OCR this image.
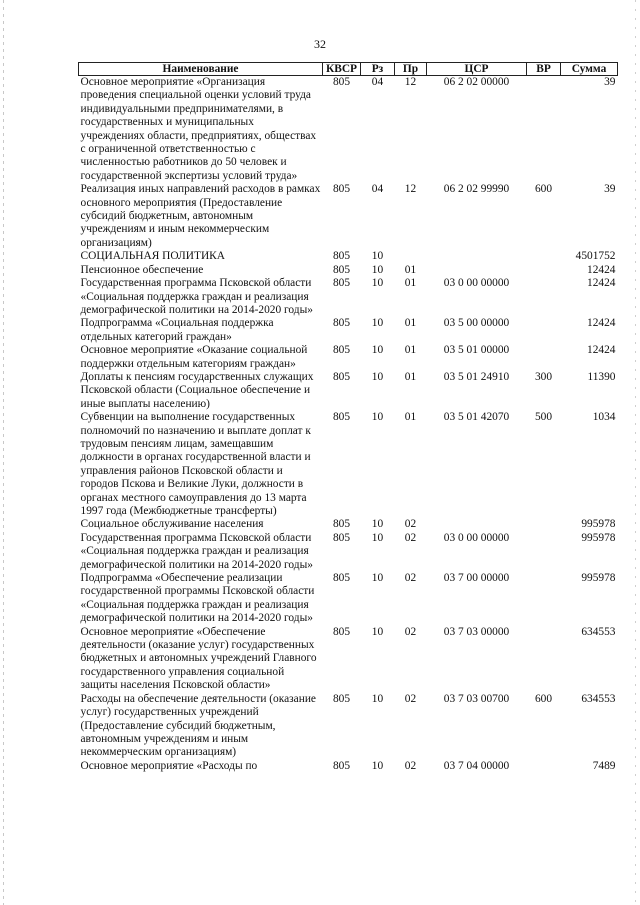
32
Наименование	КВСР	Рз	Пр	ЦСР	ВР	Сумма
Основное мероприятие «Организация проведения специальной оценки условий труда индивидуальными предпринимателями, в государственных и муниципальных учреждениях области, предприятиях, обществах с ограниченной ответственностью с численностью работников до 50 человек и государственной экспертизы условий труда»	805	04	12	06 2 02 00000		39
Реализация иных направлений расходов в рамках основного мероприятия (Предоставление субсидий бюджетным, автономным учреждениям и иным некоммерческим организациям)	805	04	12	06 2 02 99990	600	39
СОЦИАЛЬНАЯ ПОЛИТИКА	805	10				4501752
Пенсионное обеспечение	805	10	01			12424
Государственная программа Псковской области «Социальная поддержка граждан и реализация демографической политики на 2014-2020 годы»	805	10	01	03 0 00 00000		12424
Подпрограмма «Социальная поддержка отдельных категорий граждан»	805	10	01	03 5 00 00000		12424
Основное мероприятие «Оказание социальной поддержки отдельным категориям граждан»	805	10	01	03 5 01 00000		12424
Доплаты к пенсиям государственных служащих Псковской области (Социальное обеспечение и иные выплаты населению)	805	10	01	03 5 01 24910	300	11390
Субвенции на выполнение государственных полномочий по назначению и выплате доплат к трудовым пенсиям лицам, замещавшим должности в органах государственной власти и управления районов Псковской области и городов Пскова и Великие Луки, должности в органах местного самоуправления до 13 марта 1997 года (Межбюджетные трансферты)	805	10	01	03 5 01 42070	500	1034
Социальное обслуживание населения	805	10	02			995978
Государственная программа Псковской области «Социальная поддержка граждан и реализация демографической политики на 2014-2020 годы»	805	10	02	03 0 00 00000		995978
Подпрограмма «Обеспечение реализации государственной программы Псковской области «Социальная поддержка граждан и реализация демографической политики на 2014-2020 годы»	805	10	02	03 7 00 00000		995978
Основное мероприятие «Обеспечение деятельности (оказание услуг) государственных бюджетных и автономных учреждений Главного государственного управления социальной защиты населения Псковской области»	805	10	02	03 7 03 00000		634553
Расходы на обеспечение деятельности (оказание услуг) государственных учреждений (Предоставление субсидий бюджетным, автономным учреждениям и иным некоммерческим организациям)	805	10	02	03 7 03 00700	600	634553
Основное мероприятие «Расходы по	805	10	02	03 7 04 00000		7489
